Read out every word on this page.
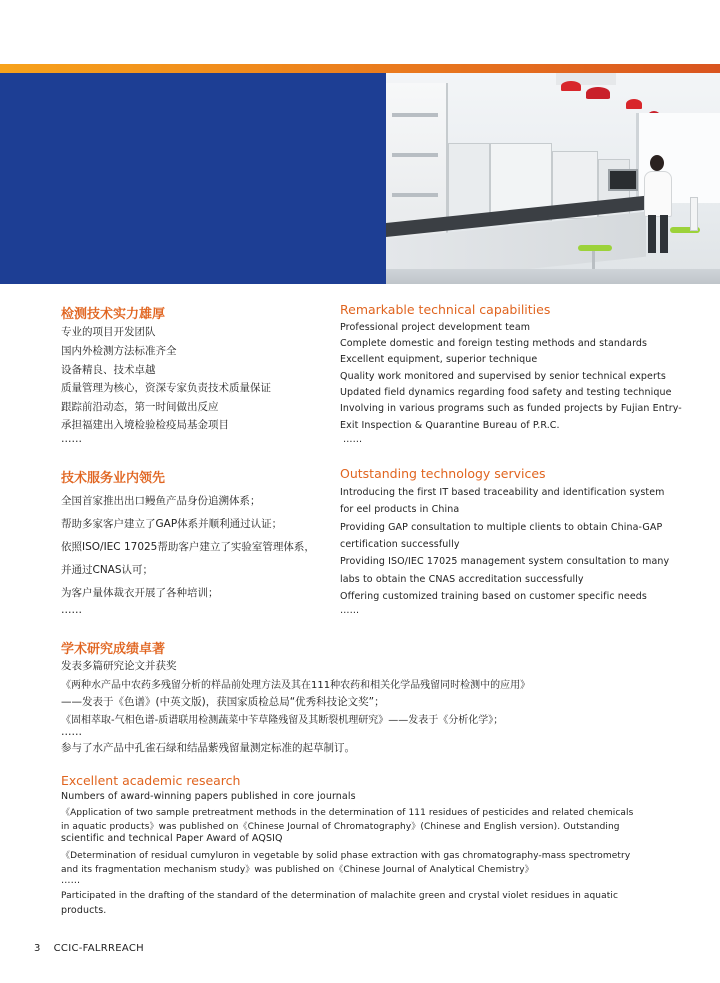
检测技术实力雄厚
专业的项目开发团队
国内外检测方法标准齐全
设备精良、技术卓越
质量管理为核心，资深专家负责技术质量保证
跟踪前沿动态，第一时间做出反应
承担福建出入境检验检疫局基金项目
……
Remarkable technical capabilities
Professional project development team
Complete domestic and foreign testing methods and standards
Excellent equipment, superior technique
Quality work monitored and supervised by senior technical experts
Updated field dynamics regarding food safety and testing technique
Involving in various programs such as funded projects by Fujian Entry-
Exit Inspection & Quarantine Bureau of P.R.C.
……
技术服务业内领先
全国首家推出出口鳗鱼产品身份追溯体系；
帮助多家客户建立了GAP体系并顺利通过认证；
依照ISO/IEC 17025帮助客户建立了实验室管理体系，
并通过CNAS认可；
为客户量体裁衣开展了各种培训；
……
Outstanding technology services
Introducing the first IT based traceability and identification system
for eel products in China
Providing GAP consultation to multiple clients to obtain China-GAP
certification successfully
Providing ISO/IEC 17025 management system consultation to many
labs to obtain the CNAS accreditation successfully
Offering customized training based on customer specific needs
……
学术研究成绩卓著
发表多篇研究论文并获奖
《两种水产品中农药多残留分析的样品前处理方法及其在111种农药和相关化学品残留同时检测中的应用》
——发表于《色谱》(中英文版)，获国家质检总局“优秀科技论文奖”；
《固相萃取-气相色谱-质谱联用检测蔬菜中苄草隆残留及其断裂机理研究》——发表于《分析化学》；
……
参与了水产品中孔雀石绿和结晶紫残留量测定标准的起草制订。
Excellent academic research
Numbers of award-winning papers published in core journals
《Application of two sample pretreatment methods in the determination of 111 residues of pesticides and related chemicals
in aquatic products》was published on《Chinese Journal of Chromatography》(Chinese and English version). Outstanding
scientific and technical Paper Award of AQSIQ
《Determination of residual cumyluron in vegetable by solid phase extraction with gas chromatography-mass spectrometry
and its fragmentation mechanism study》was published on《Chinese Journal of Analytical Chemistry》
……
Participated in the drafting of the standard of the determination of malachite green and crystal violet residues in aquatic
products.
3 CCIC-FALRREACH
